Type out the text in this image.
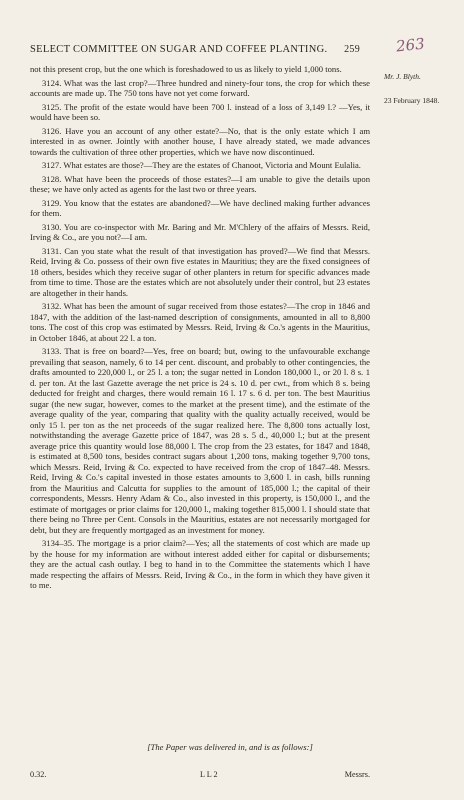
SELECT COMMITTEE ON SUGAR AND COFFEE PLANTING. 259 263
Mr. J. Blyth.
23 February 1848.

not this present crop, but the one which is foreshadowed to us as likely to yield 1,000 tons.

3124. What was the last crop?—Three hundred and ninety-four tons, the crop for which these accounts are made up. The 750 tons have not yet come forward.

3125. The profit of the estate would have been 700 l. instead of a loss of 3,149 l.? —Yes, it would have been so.

3126. Have you an account of any other estate?—No, that is the only estate which I am interested in as owner. Jointly with another house, I have already stated, we made advances towards the cultivation of three other properties, which we have now discontinued.

3127. What estates are those?—They are the estates of Chanoot, Victoria and Mount Eulalia.

3128. What have been the proceeds of those estates?—I am unable to give the details upon these; we have only acted as agents for the last two or three years.

3129. You know that the estates are abandoned?—We have declined making further advances for them.

3130. You are co-inspector with Mr. Baring and Mr. M'Chlery of the affairs of Messrs. Reid, Irving & Co., are you not?—I am.

3131. Can you state what the result of that investigation has proved?—We find that Messrs. Reid, Irving & Co. possess of their own five estates in Mauritius; they are the fixed consignees of 18 others, besides which they receive sugar of other planters in return for specific advances made from time to time. Those are the estates which are not absolutely under their control, but 23 estates are altogether in their hands.

3132. What has been the amount of sugar received from those estates?—The crop in 1846 and 1847, with the addition of the last-named description of consignments, amounted in all to 8,800 tons. The cost of this crop was estimated by Messrs. Reid, Irving & Co.'s agents in the Mauritius, in October 1846, at about 22 l. a ton.

3133. That is free on board?—Yes, free on board; but, owing to the unfavourable exchange prevailing that season, namely, 6 to 14 per cent. discount, and probably to other contingencies, the drafts amounted to 220,000 l., or 25 l. a ton; the sugar netted in London 180,000 l., or 20 l. 8 s. 1 d. per ton. At the last Gazette average the net price is 24 s. 10 d. per cwt., from which 8 s. being deducted for freight and charges, there would remain 16 l. 17 s. 6 d. per ton. The best Mauritius sugar (the new sugar, however, comes to the market at the present time), and the estimate of the average quality of the year, comparing that quality with the quality actually received, would be only 15 l. per ton as the net proceeds of the sugar realized here. The 8,800 tons actually lost, notwithstanding the average Gazette price of 1847, was 28 s. 5 d., 40,000 l.; but at the present average price this quantity would lose 88,000 l. The crop from the 23 estates, for 1847 and 1848, is estimated at 8,500 tons, besides contract sugars about 1,200 tons, making together 9,700 tons, which Messrs. Reid, Irving & Co. expected to have received from the crop of 1847–48. Messrs. Reid, Irving & Co.'s capital invested in those estates amounts to 3,600 l. in cash, bills running from the Mauritius and Calcutta for supplies to the amount of 185,000 l.; the capital of their correspondents, Messrs. Henry Adam & Co., also invested in this property, is 150,000 l., and the estimate of mortgages or prior claims for 120,000 l., making together 815,000 l. I should state that there being no Three per Cent. Consols in the Mauritius, estates are not necessarily mortgaged for debt, but they are frequently mortgaged as an investment for money.

3134–35. The mortgage is a prior claim?—Yes; all the statements of cost which are made up by the house for my information are without interest added either for capital or disbursements; they are the actual cash outlay. I beg to hand in to the Committee the statements which I have made respecting the affairs of Messrs. Reid, Irving & Co., in the form in which they have given it to me.

[The Paper was delivered in, and is as follows:]
0.32.	L L 2	Messrs.
